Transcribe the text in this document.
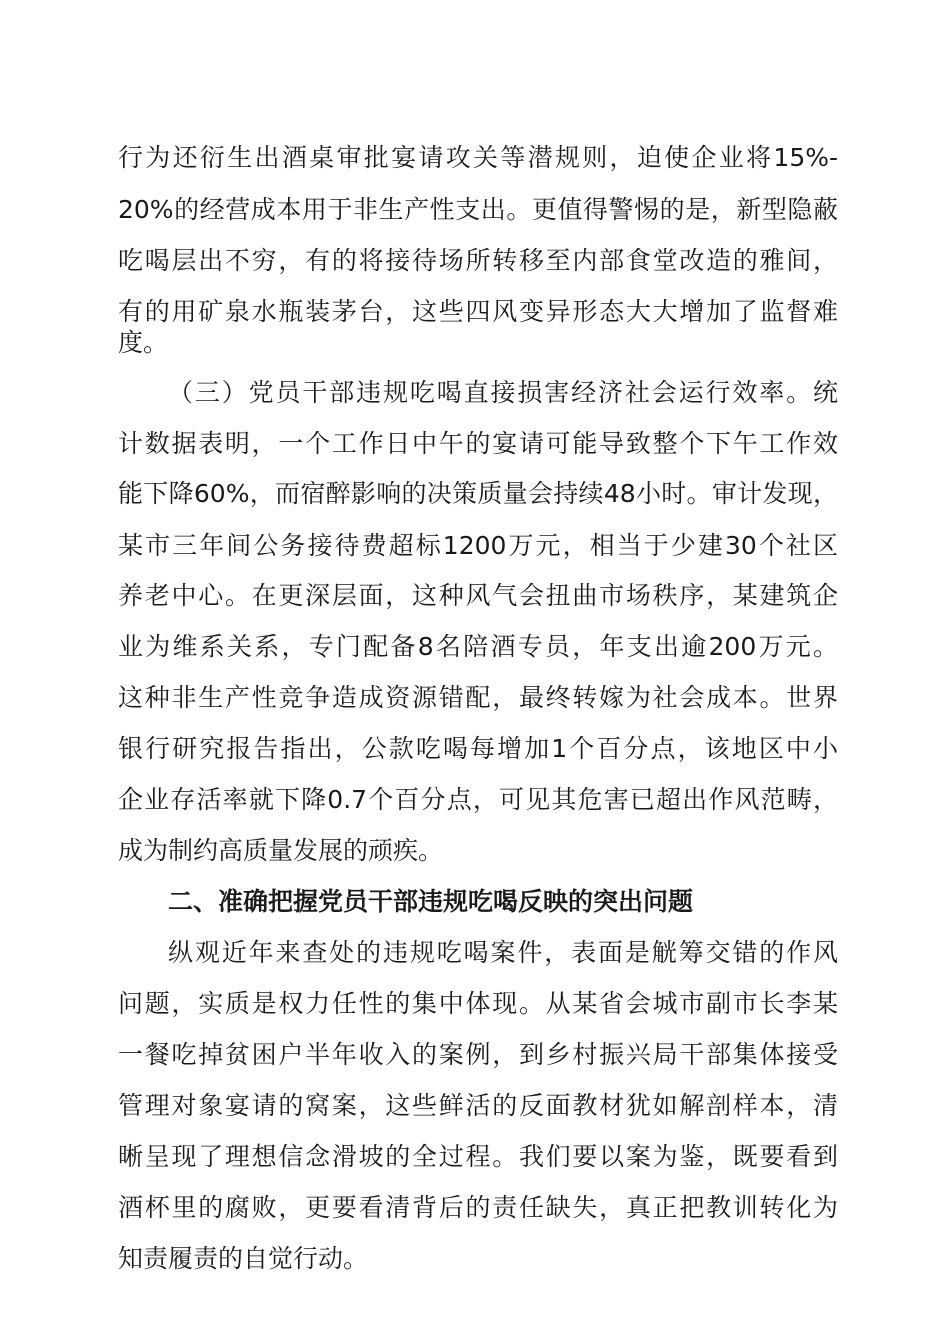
行为还衍生出酒桌审批宴请攻关等潜规则，迫使企业将15%-
20%的经营成本用于非生产性支出。更值得警惕的是，新型隐蔽
吃喝层出不穷，有的将接待场所转移至内部食堂改造的雅间，
有的用矿泉水瓶装茅台，这些四风变异形态大大增加了监督难
度。
（三）党员干部违规吃喝直接损害经济社会运行效率。统
计数据表明，一个工作日中午的宴请可能导致整个下午工作效
能下降60%，而宿醉影响的决策质量会持续48小时。审计发现，
某市三年间公务接待费超标1200万元，相当于少建30个社区
养老中心。在更深层面，这种风气会扭曲市场秩序，某建筑企
业为维系关系，专门配备8名陪酒专员，年支出逾200万元。
这种非生产性竞争造成资源错配，最终转嫁为社会成本。世界
银行研究报告指出，公款吃喝每增加1个百分点，该地区中小
企业存活率就下降0.7个百分点，可见其危害已超出作风范畴，
成为制约高质量发展的顽疾。
二、准确把握党员干部违规吃喝反映的突出问题
纵观近年来查处的违规吃喝案件，表面是觥筹交错的作风
问题，实质是权力任性的集中体现。从某省会城市副市长李某
一餐吃掉贫困户半年收入的案例，到乡村振兴局干部集体接受
管理对象宴请的窝案，这些鲜活的反面教材犹如解剖样本，清
晰呈现了理想信念滑坡的全过程。我们要以案为鉴，既要看到
酒杯里的腐败，更要看清背后的责任缺失，真正把教训转化为
知责履责的自觉行动。
